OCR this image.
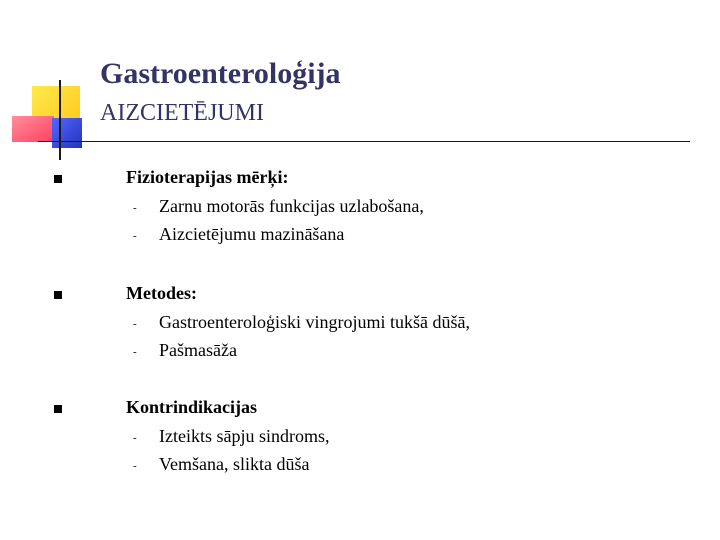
Gastroenteroloģija
AIZCIETĒJUMI
Fizioterapijas mērķi:
- Zarnu motorās funkcijas uzlabošana,
- Aizcietējumu mazināšana
Metodes:
- Gastroenteroloģiski vingrojumi tukšā dūšā,
- Pašmasāža
Kontrindikacijas
- Izteikts sāpju sindroms,
- Vemšana, slikta dūša
